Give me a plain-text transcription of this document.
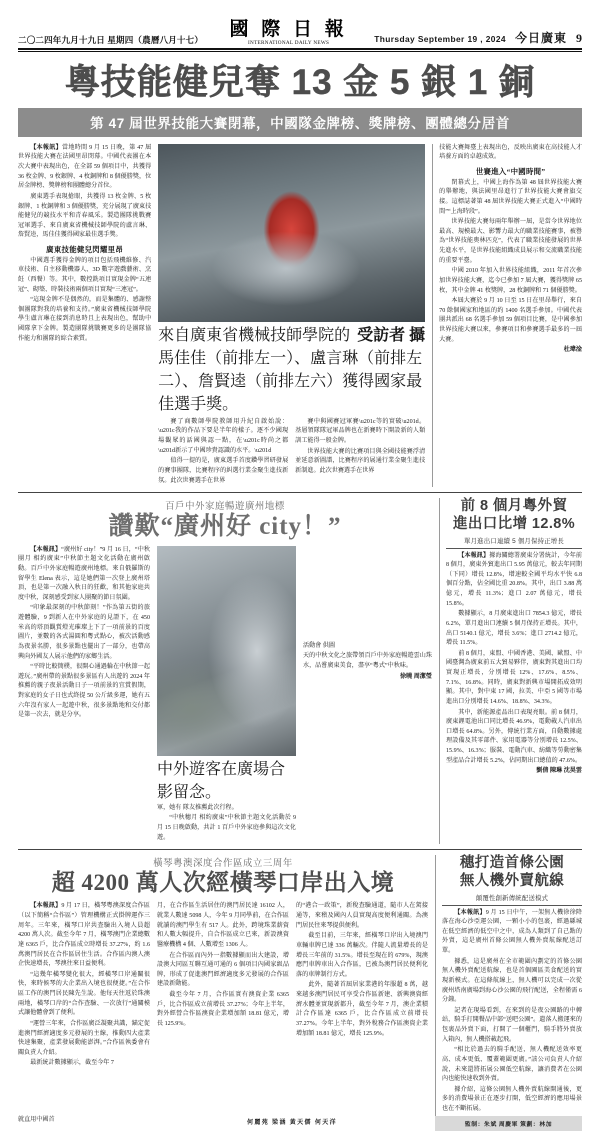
二〇二四年九月十九日 星期四（農曆八月十七） 國 際 日 報
INTERNATIONAL DAILY NEWS	Thursday September 19 , 2024 今日廣東 9
粵技能健兒奪 13 金 5 銀 1 銅
第 47 屆世界技能大賽閉幕，中國隊金牌榜、獎牌榜、團體總分居首

【本報訊】當地時間 9 月 15 日晚，第 47 屆世界技能大賽在法國里昂閉幕。中國代表團在本次大賽中表現出色，在全部 59 個項目中，共獲得 36 枚金牌、9 枚銀牌、4 枚銅牌和 8 個優勝獎，位居金牌榜、獎牌榜和團體總分首位。

廣東選手表現搶眼，共獲得 13 枚金牌、5 枚銀牌、1 枚銅牌和 3 個優勝獎，充分展現了廣東技能健兒的競技水平和青春風采。製造團隊挑戰賽冠軍選手、來自廣東省機械技師學院的盧言琳、詹賢逵，馬佳佳獲得國家最佳選手獎。

廣東技能健兒閃耀里昂

中國選手獲得金牌的項目包括飛機維修、汽車技術、自主移動機器人、3D 數字遊戲藝術、烹飪（西餐）等。其中，數控銑項目實現金牌“五連冠”、砌築、時裝技術兩個項目實現“三連冠”。

“這現金牌不是偶然的，而是集體的、感謝整個團隊對我的培養和支持。”廣東省機械技師學院學生盧言琳在接到消息時且上表現出色，幫助中國隊拿下金牌。製造團隊挑戰賽更多的是團隊協作能力和團隊的綜合素質。	受訪者 攝
來自廣東省機械技師學院的馬佳佳（前排左一）、盧言琳（前排左二）、詹賢逵（前排左六）獲得國家最佳選手獎。

賽了商數師學院教師用升紀自啟始說：\u201c我的作品下要是半年的樣子。逐不少國現場觀眾的話國與認一點，在\u201c時尚之都\u201d新示了中國珍貴認識的水平。\u201d

值得一提的是，廣東選手首度鑽學習研發展的賽事團隊，比賽程序的糾選行業金聚生進技新氛。此次世賽選手在世界

賽中與國賽冠軍賽\u201c等的實破\u201d。基層領隊隊冠軍品牌也在新賽時下開設新的人類訓工能得一般金牌。

世界技能大賽的比賽項目與全國技能賽浮清並延意新圖譜，比賽程序的展通行業金聚生進技新制進。此次世賽選手在世界

技能大賽舞臺上表現出色，反映出廣東在高技能人才培養方面的卓越成效。

世賽進入“中國時間”

閉幕式上，中國上海作為第 48 屆世界技能大賽的舉辦地，與法國里昂進行了世界技能大賽會旗交接。這標誌著第 48 屆世界技能大賽正式進入“中國時間”“上海時段”。

世界技能大賽每兩年舉辦一屆，是當今世界地位最高、規模最大、影響力最大的職業技能賽事，被譽為“世界技能奧林匹克”，代表了職業技能發展的世界先進水平，是世界技能組織成員展示和交流職業技能的重要平臺。

中國 2010 年加入世界技能組織，2011 年首次參加世界技能大賽，迄今已參加 7 屆大賽，獲得獎牌 65 枚，其中金牌 41 枚獎牌，28 枚銅牌和 71 個優勝獎。

本屆大賽於 9 月 10 日至 15 日在里昂舉行，來自 70 餘個國家和地區的約 1400 名選手參加。中國代表團共派出 68 名選手參加 59 個項目比賽，是中國參加世界技能大賽以來，參賽項目和參賽選手最多的一屆大賽。

杜瑋淦

百戶中外家庭暢遊廣州地標
讚歎“廣州好 city！”

【本報訊】“廣州好 city！”9 月 16 日，“中秋團月 相約廣東”中秋節主題文化活動在廣州啟動。百戶中外家庭暢遊廣州地標。來自俄羅斯的留學生 Elena 表示，這是她們第一次登上廣州塔頂，也是第一次融入秋日的狂歡，和其他家庭共度中秋，深刻感受到家人團聚的節日氛圍。

“印象最深刻的中秋節刻！”作為第五街的旅遊體驗，9 到新人在中外家庭的見證下，在 450 米高的塔頂觀賞燈光璀璨上下了一項前景的百度圖片，並數的各式湯圓和粵式點心，被次活動感為夜景名勝，很多景點也擺出了一部分，也帶高興向外國友人展示他們的家鄉生活。

“平時比較簡樸，很開心通過輪在中秋節一起遊玩。”廣州帶的景點很多景區有人出遊的 2024 年推薦的親子夜景活動日子一項前景的宜賞假期，對家庭的女子日也式終提 50 公斤級多運，她有五六年沒有家人一起遊中秋，很多景點地和交付都是第一次去，就是分享。

中外遊客在廣場合影留念。

軍，她有 隊友推薦此次行程。

“中秋穗月 相約廣東”中秋節主題文化活動於 9 月 15 日晚啟動，共計 1 百戶中外家庭參與這次文化遊。

活動會 供圖

天的中秋文化之旅帶領百戶中外家庭暢遊雲山珠水，品嘗廣東美食，盡享“粵式”中秋味。

徐曉 周潔瑩

前 8 個月粵外貿
進出口比增 12.8%
單月進出口連續 5 個月保持正增長

【本報訊】據海關總署廣東分署統計，今年前 8 個月，廣東外貿進出口 5.95 萬億元，較去年同期（下同）增長 12.8%，增速較全國平均水平快 6.8 個百分點，佔全國比重 20.8%。其中，出口 3.88 萬億元，增長 11.3%；進口 2.07 萬億元，增長 15.8%。

數據顯示，8 月廣東進出口 7854.3 億元，增長 6.2%，單月進出口連續 5 個月保持正增長。其中，出口 5140.1 億元，增長 3.6%；進口 2714.2 億元，增長 11.5%。

前 8 個月，東盟、中國香港、美國、歐盟、中國臺灣為廣東前五大貿易夥伴，廣東對其進出口均實現正增長，分別增長 12%、17.6%、8.5%、7.1%、16.8%。同時，廣東對新興市場開拓成效明顯。其中，對中東 17 國，拉美、中亞 5 國等市場進出口分別增長 14.6%、18.8%、34.3%。

其中，新能源產品出口表現亮眼。前 8 個月，廣東鋰電池出口同比增長 46.9%，電動載人汽車出口增長 64.8%。另外，傳統行業方面，自動數據處理設備及其零部件、家用電器等分別增長 12.5%、15.9%、16.3%；服裝、電動汽車、紡織等勞動密集型產品合計增長 5.2%，佔同期出口總值的 47.6%。

劉倩 陳琳 沈昊雲

橫琴粵澳深度合作區成立三周年
超 4200 萬人次經橫琴口岸出入境

【本報訊】9 月 17 日，橫琴粵澳深度合作區（以下簡稱“合作區”）管理機構正式掛牌運作三周年。三年來，橫琴口岸共查驗出入境人員超 4200 萬人次。截至今年 7 月，橫琴澳門企業總數達 6365 戶，比合作區成立時增長 37.27%，約 1.6 萬澳門居民在合作區居住生活。合作區內澳人澳企快速增長，琴澳往來日益便利。

“這幾年橫琴變化很大，經橫琴口岸通關很快，來時候琴的大企業出入境也很便捷。”在合作區工作的澳門居民陳先生說。他每天往返於珠澳兩地，橫琴口岸的“合作查驗、一次放行”通關模式讓他體會到了便利。

“運營三年來，合作區廣泛凝聚共識，錨定促進澳門經濟適度多元發展的主線，推動四大產業快速集聚，產業發展動能澎湃。”合作區執委會有關負責人介紹。

最新統計數據顯示，截至今年 7

月，在合作區生活居住的澳門居民達 16102 人，就業人數達 5098 人，今年 9 月同學前，在合作區就讀的澳門學生有 517 人。此外，跨境珠業薪資和人數大幅提升，自合作區成立已來，新設澳資醫療機構 4 個、人數增至 1306 人。

在合作區而內外一指數據顯而出大建設，增設澳大同區互聯互通可通的 6 個項目內國家級品牌，形成了促進澳門經濟適度多元發展的合作區建設新動能。

截至今年 7 月，合作區實有澳資企業 6365 戶，比合作區成立前增長 37.27%；今年上半年，對外經營合作區澳資企業增加額 18.81 億元，增長 125.9%。

的“港合一政策”，新稅查驗通道，隨市人在駕接通等，來稽及國內人員實現高度便利通關。為澳門居民往來琴提供便利。

截至目前，三年來，經橫琴口岸出入境澳門車輛車牌已達 336 萬輛次。伴隨人流量增長的是增長三年前的 31.5%。增長至現在的 679%，現澳應門車牌車出入合作區，已被為澳門居民便利化落的車牌制行方式。

此外，隨著首屆居家業港的年服超 8 萬，越來越多澳門居民可享受合作區新建、新興澳資經濟水體並實現新都升，截至今年 7 月，澳企業積計合作區達 6365 戶，比合作區成立前增長 37.27%。今年上半年，對外稅務合作區澳資企業增加額 18.81 億元，增長 125.9%。

穗打造首條公園
無人機外賣航線
顛覆性創新傳統配送模式

【本報訊】9 月 15 日中午，一架無人機徐徐降落在海心沙亞運公園，一顆小小的包裹，經過縣城在低空經濟的低空中之中，成為人類到了自己點的外賣，這是廣州首條公園無人機外賣航線配送訂單。

據悉，這是廣州在全市範圍內劃定的首條公園無人機外賣配送航線，也是首個園區美食配送的實現新模式。在這條航線上，無人機可以完成一次從廣州塔南廣場到海心沙公園的飛行配送，全程僅需 6 分鐘。

記者在現場看到，在來到的是夜公園路的中轉站，騎手打開餐品中部“送吧公園”。遺落人搬運來的包裹品外賣下面，打開了一個櫃門，騎手將外賣放入箱內，無人機搭載起飛。

“相比於過去的騎手配送，無人機配送效率更高、成本更低、覆蓋範圍更廣。”該公司負責人介紹說，未來還將拓展公園低空航線，讓消費者在公園內也能快速收到外賣。

據介紹，這條公園無人機外賣航線開通後，更多的消費場景正在逐步打開，低空經濟的應用場景也在不斷拓展。

就直用中國首	何麗苑 梁涵 黃天儒 何天洋	監制：朱斌 周慶軍 策劃：林加
